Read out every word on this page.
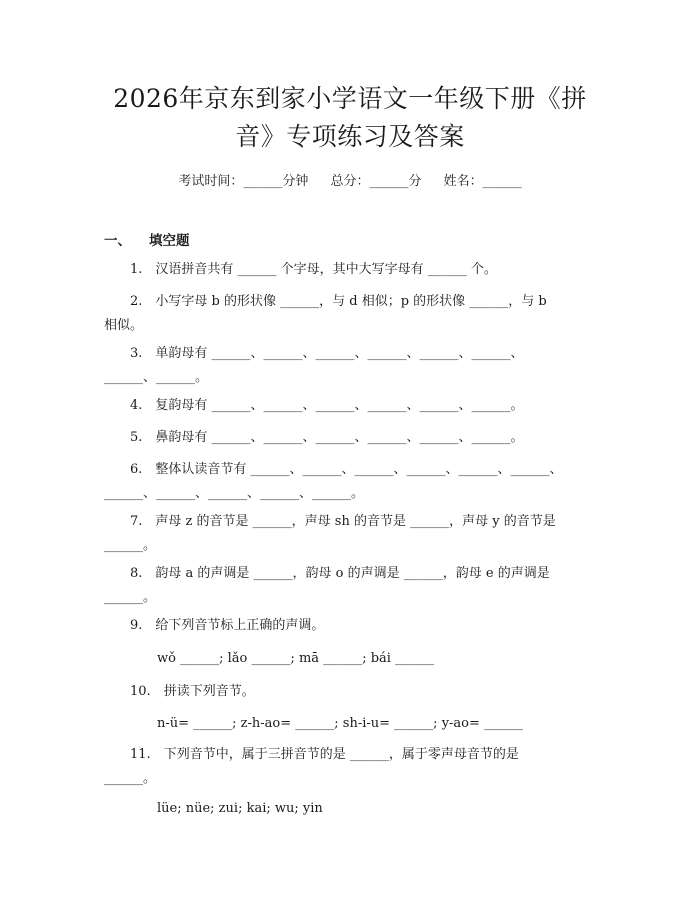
2026年京东到家小学语文一年级下册《拼
音》专项练习及答案
考试时间：______分钟 总分：______分 姓名：______
一、 填空题
1. 汉语拼音共有 ______ 个字母，其中大写字母有 ______ 个。
2. 小写字母 b 的形状像 ______，与 d 相似；p 的形状像 ______，与 b
相似。
3. 单韵母有 ______、______、______、______、______、______、
______、______。
4. 复韵母有 ______、______、______、______、______、______。
5. 鼻韵母有 ______、______、______、______、______、______。
6. 整体认读音节有 ______、______、______、______、______、______、
______、______、______、______、______。
7. 声母 z 的音节是 ______，声母 sh 的音节是 ______，声母 y 的音节是
______。
8. 韵母 a 的声调是 ______，韵母 o 的声调是 ______，韵母 e 的声调是
______。
9. 给下列音节标上正确的声调。
wǒ ______; lǎo ______; mā ______; bái ______
10. 拼读下列音节。
n-ü= ______; z-h-ao= ______; sh-i-u= ______; y-ao= ______
11. 下列音节中，属于三拼音节的是 ______，属于零声母音节的是
______。
lüe; nüe; zui; kai; wu; yin
